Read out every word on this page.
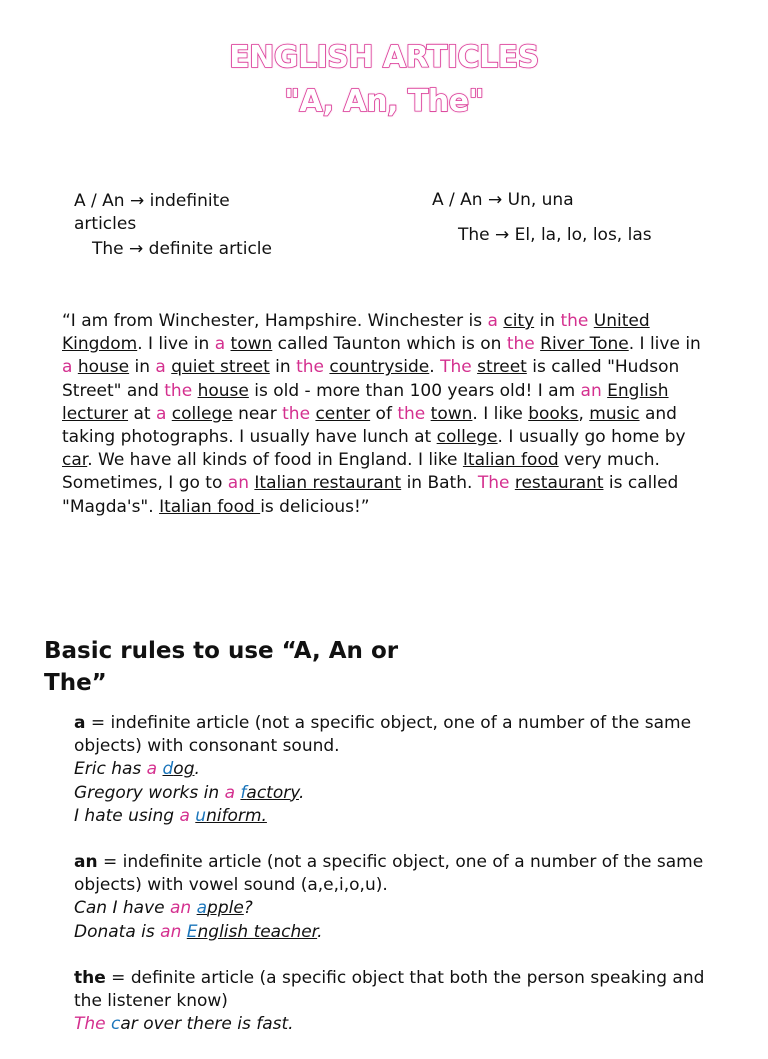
ENGLISH ARTICLES
"A, An, The"
A / An → indefinite articles
The → definite article
A / An → Un, una
The → El, la, lo, los, las
“I am from Winchester, Hampshire. Winchester is a city in the United Kingdom. I live in a town called Taunton which is on the River Tone. I live in a house in a quiet street in the countryside. The street is called "Hudson Street" and the house is old - more than 100 years old! I am an English lecturer at a college near the center of the town. I like books, music and taking photographs. I usually have lunch at college. I usually go home by car. We have all kinds of food in England. I like Italian food very much. Sometimes, I go to an Italian restaurant in Bath. The restaurant is called "Magda's". Italian food is delicious!”
Basic rules to use “A, An or The”

a = indefinite article (not a specific object, one of a number of the same objects) with consonant sound.
Eric has a dog.
Gregory works in a factory.
I hate using a uniform.

an = indefinite article (not a specific object, one of a number of the same objects) with vowel sound (a,e,i,o,u).
Can I have an apple?
Donata is an English teacher.

the = definite article (a specific object that both the person speaking and the listener know)
The car over there is fast.
